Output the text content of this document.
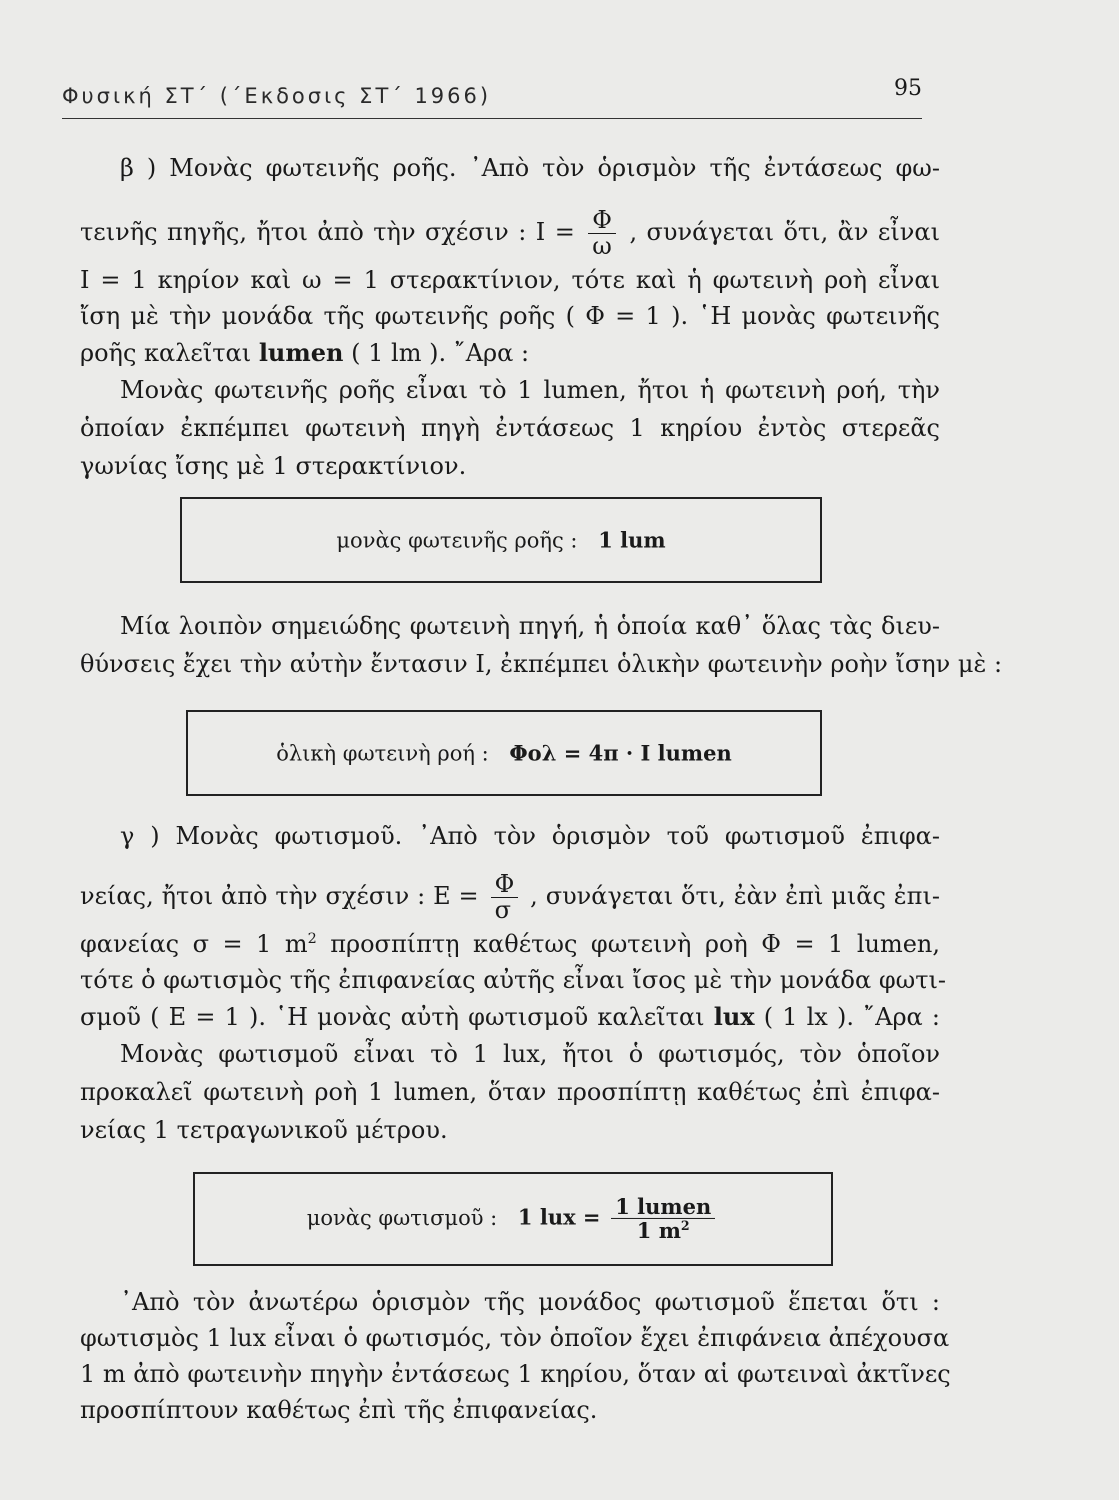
Φυσική ΣΤ΄ (΄Εκδοσις ΣΤ΄ 1966)	95
β ) Μονὰς φωτεινῆς ροῆς. ᾿Απὸ τὸν ὁρισμὸν τῆς ἐντάσεως φω-
τεινῆς πηγῆς, ἤτοι ἀπὸ τὴν σχέσιν : $I = \frac{\Phi}{\omega}$ , συνάγεται ὅτι, ἂν εἶναι
Ι = 1 κηρίον καὶ ω = 1 στερακτίνιον, τότε καὶ ἡ φωτεινὴ ροὴ εἶναι
ἴση μὲ τὴν μονάδα τῆς φωτεινῆς ροῆς ( Φ = 1 ). ῾Η μονὰς φωτεινῆς
ροῆς καλεῖται lumen ( 1 lm ). ῎Αρα :
Μονὰς φωτεινῆς ροῆς εἶναι τὸ 1 lumen, ἤτοι ἡ φωτεινὴ ροή, τὴν
ὁποίαν ἐκπέμπει φωτεινὴ πηγὴ ἐντάσεως 1 κηρίου ἐντὸς στερεᾶς
γωνίας ἴσης μὲ 1 στερακτίνιον.
μονὰς φωτεινῆς ροῆς : 1 lum
Μία λοιπὸν σημειώδης φωτεινὴ πηγή, ἡ ὁποία καθ᾿ ὅλας τὰς διευ-
θύνσεις ἔχει τὴν αὐτὴν ἔντασιν Ι, ἐκπέμπει ὁλικὴν φωτεινὴν ροὴν ἴσην μὲ :
ὁλικὴ φωτεινὴ ροή : Φολ = 4π · Ι lumen
γ ) Μονὰς φωτισμοῦ. ᾿Απὸ τὸν ὁρισμὸν τοῦ φωτισμοῦ ἐπιφα-
νείας, ἤτοι ἀπὸ τὴν σχέσιν : $E = \frac{\Phi}{\sigma}$ , συνάγεται ὅτι, ἐὰν ἐπὶ μιᾶς ἐπι-
φανείας σ = 1 $m^2$ προσπίπτῃ καθέτως φωτεινὴ ροὴ Φ = 1 lumen,
τότε ὁ φωτισμὸς τῆς ἐπιφανείας αὐτῆς εἶναι ἴσος μὲ τὴν μονάδα φωτι-
σμοῦ ( Ε = 1 ). ῾Η μονὰς αὐτὴ φωτισμοῦ καλεῖται lux ( 1 lx ). ῎Αρα :
Μονὰς φωτισμοῦ εἶναι τὸ 1 lux, ἤτοι ὁ φωτισμός, τὸν ὁποῖον
προκαλεῖ φωτεινὴ ροὴ 1 lumen, ὅταν προσπίπτῃ καθέτως ἐπὶ ἐπιφα-
νείας 1 τετραγωνικοῦ μέτρου.
μονὰς φωτισμοῦ : 1 lux = $\frac{\text{1 lumen}}{1 m^2}$
᾿Απὸ τὸν ἀνωτέρω ὁρισμὸν τῆς μονάδος φωτισμοῦ ἕπεται ὅτι :
φωτισμὸς 1 lux εἶναι ὁ φωτισμός, τὸν ὁποῖον ἔχει ἐπιφάνεια ἀπέχουσα
1 m ἀπὸ φωτεινὴν πηγὴν ἐντάσεως 1 κηρίου, ὅταν αἱ φωτειναὶ ἀκτῖνες
προσπίπτουν καθέτως ἐπὶ τῆς ἐπιφανείας.
